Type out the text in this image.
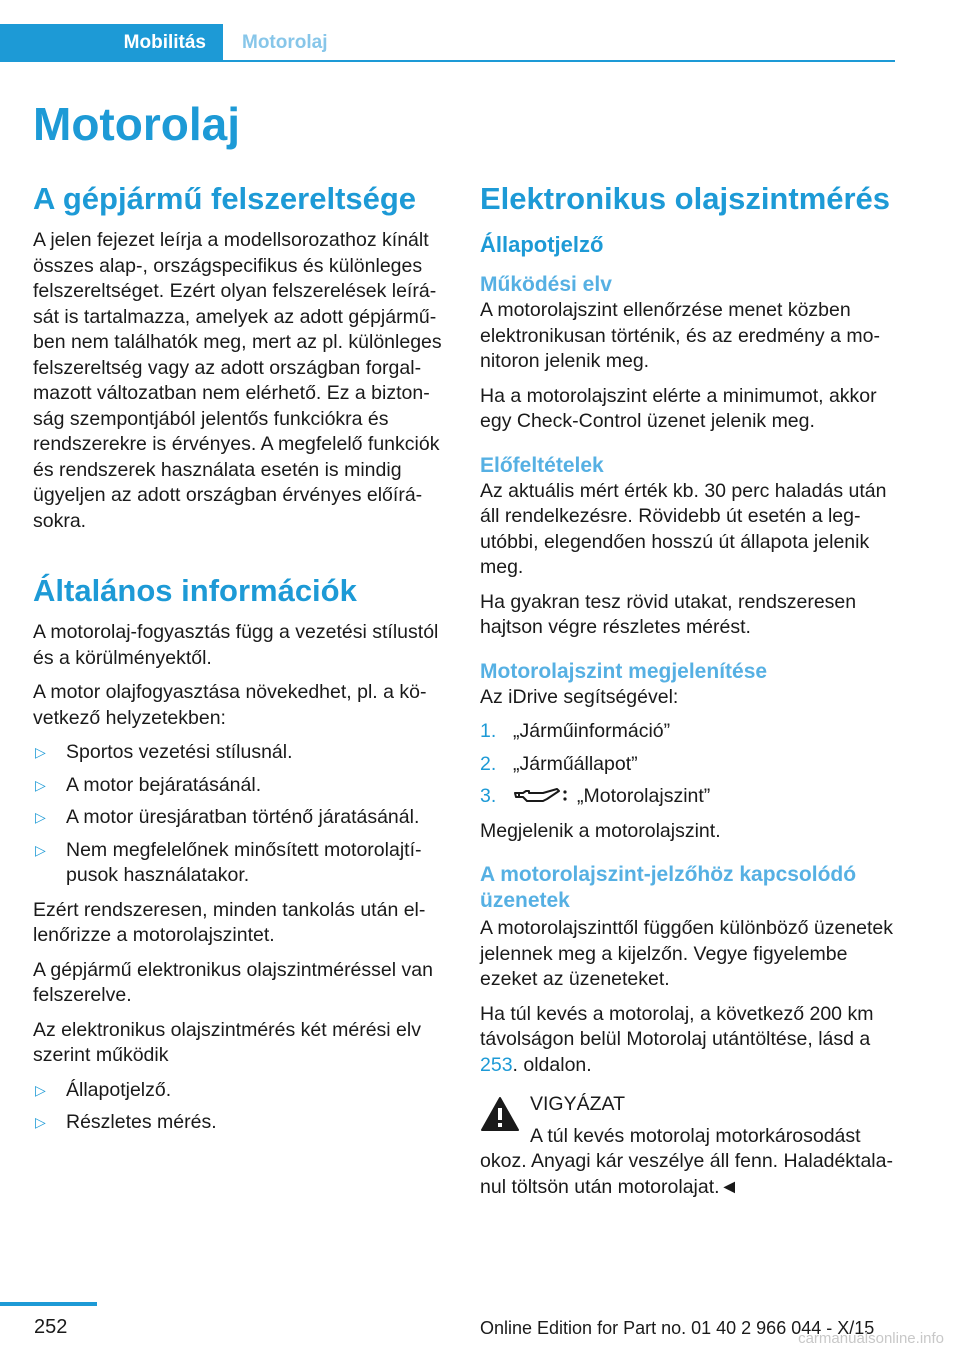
Mobilitás	Motorolaj
Motorolaj
A gépjármű felszereltsége

A jelen fejezet leírja a modellsorozathoz kínált összes alap-, országspecifikus és különleges felszereltséget. Ezért olyan felszerelések leírását is tartalmazza, amelyek az adott gépjárműben nem találhatók meg, mert az pl. különleges felszereltség vagy az adott országban forgalmazott változatban nem elérhető. Ez a biztonság szempontjából jelentős funkciókra és rendszerekre is érvényes. A megfelelő funkciók és rendszerek használata esetén is mindig ügyeljen az adott országban érvényes előírásokra.

Általános információk

A motorolaj-fogyasztás függ a vezetési stílustól és a körülményektől.

A motor olajfogyasztása növekedhet, pl. a következő helyzetekben:

▷ Sportos vezetési stílusnál.
▷ A motor bejáratásánál.
▷ A motor üresjáratban történő járatásánál.
▷ Nem megfelelőnek minősített motorolajtípusok használatakor.

Ezért rendszeresen, minden tankolás után ellenőrizze a motorolajszintet.

A gépjármű elektronikus olajszintméréssel van felszerelve.

Az elektronikus olajszintmérés két mérési elv szerint működik

▷ Állapotjelző.
▷ Részletes mérés.
Elektronikus olajszintmérés
Állapotjelző
Működési elv

A motorolajszint ellenőrzése menet közben elektronikusan történik, és az eredmény a monitoron jelenik meg.

Ha a motorolajszint elérte a minimumot, akkor egy Check-Control üzenet jelenik meg.

Előfeltételek

Az aktuális mért érték kb. 30 perc haladás után áll rendelkezésre. Rövidebb út esetén a legutóbbi, elegendően hosszú út állapota jelenik meg.

Ha gyakran tesz rövid utakat, rendszeresen hajtson végre részletes mérést.

Motorolajszint megjelenítése

Az iDrive segítségével:

1. „Járműinformáció”
2. „Járműállapot”
3.	„Motorolajszint”

Megjelenik a motorolajszint.

A motorolajszint-jelzőhöz kapcsolódó üzenetek

A motorolajszinttől függően különböző üzenetek jelennek meg a kijelzőn. Vegye figyelembe ezeket az üzeneteket.

Ha túl kevés a motorolaj, a következő 200 km távolságon belül Motorolaj utántöltése, lásd a 253. oldalon.

VIGYÁZAT

A túl kevés motorolaj motorkárosodást

okoz. Anyagi kár veszélye áll fenn. Haladéktalanul töltsön után motorolajat.◄

252	Online Edition for Part no. 01 40 2 966 044 - X/15
carmanualsonline.info
